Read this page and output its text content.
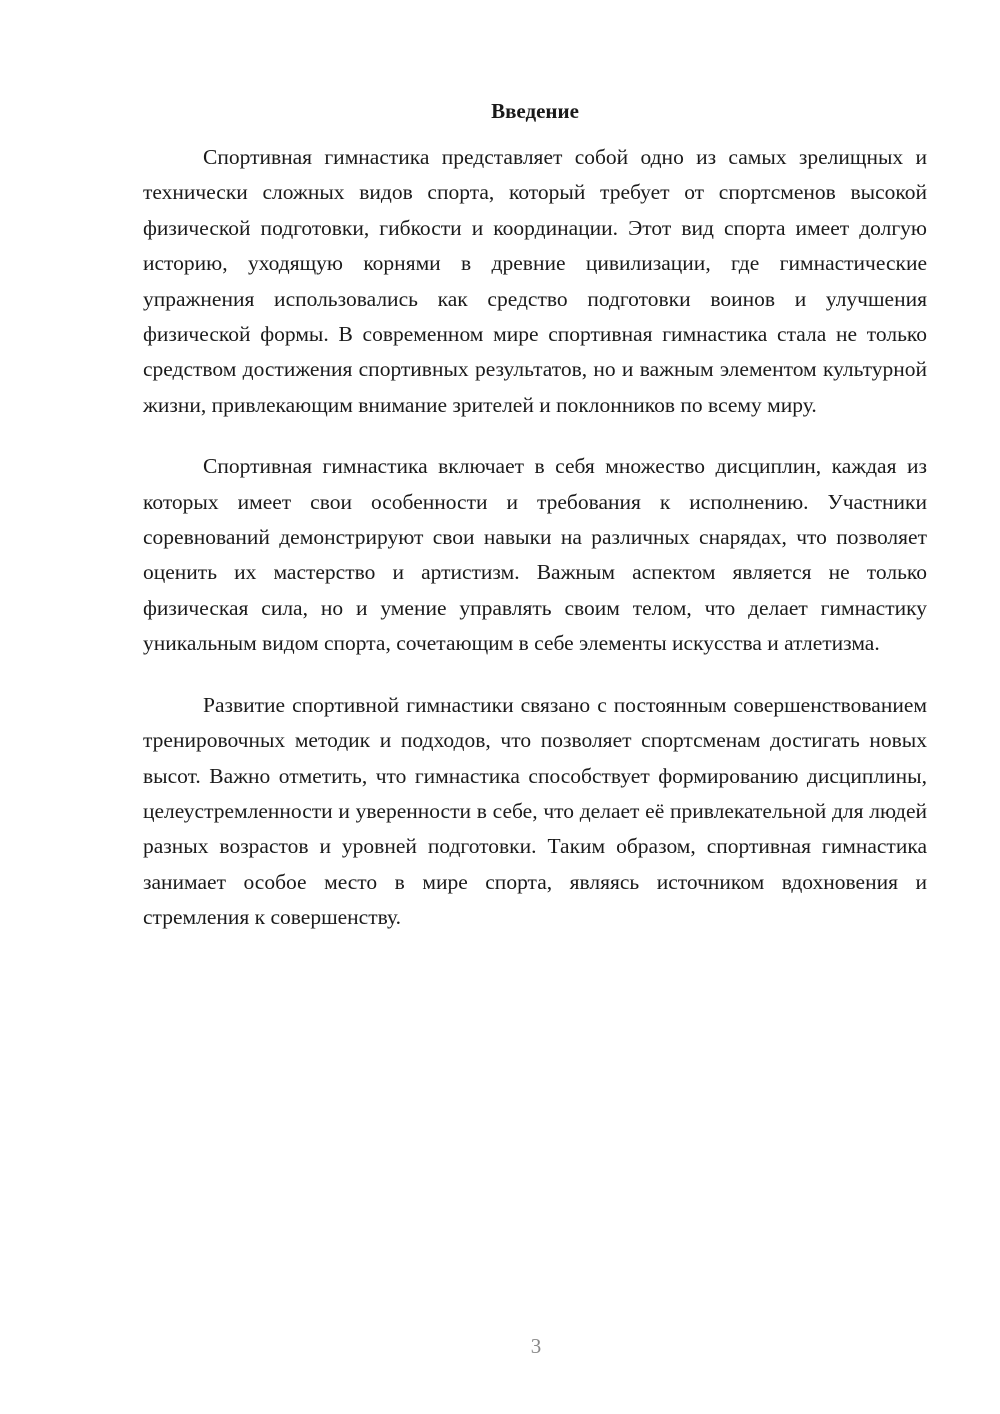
Введение

Спортивная гимнастика представляет собой одно из самых зрелищных и технически сложных видов спорта, который требует от спортсменов высокой физической подготовки, гибкости и координации. Этот вид спорта имеет долгую историю, уходящую корнями в древние цивилизации, где гимнастические упражнения использовались как средство подготовки воинов и улучшения физической формы. В современном мире спортивная гимнастика стала не только средством достижения спортивных результатов, но и важным элементом культурной жизни, привлекающим внимание зрителей и поклонников по всему миру.

Спортивная гимнастика включает в себя множество дисциплин, каждая из которых имеет свои особенности и требования к исполнению. Участники соревнований демонстрируют свои навыки на различных снарядах, что позволяет оценить их мастерство и артистизм. Важным аспектом является не только физическая сила, но и умение управлять своим телом, что делает гимнастику уникальным видом спорта, сочетающим в себе элементы искусства и атлетизма.

Развитие спортивной гимнастики связано с постоянным совершенствованием тренировочных методик и подходов, что позволяет спортсменам достигать новых высот. Важно отметить, что гимнастика способствует формированию дисциплины, целеустремленности и уверенности в себе, что делает её привлекательной для людей разных возрастов и уровней подготовки. Таким образом, спортивная гимнастика занимает особое место в мире спорта, являясь источником вдохновения и стремления к совершенству.

3
